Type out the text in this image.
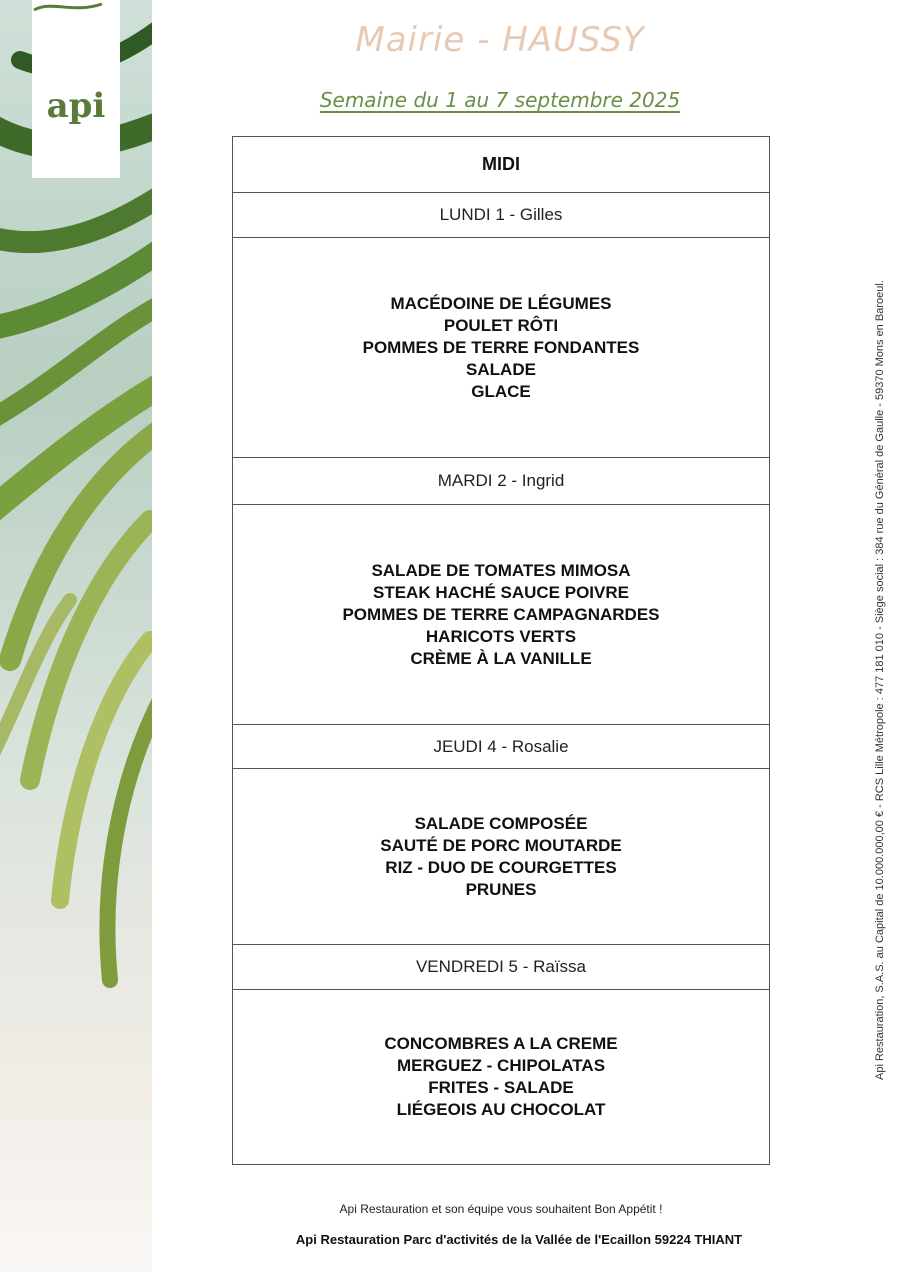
api
Mairie - HAUSSY
Semaine du 1 au 7 septembre 2025
MIDI
LUNDI 1 - Gilles
MACÉDOINE DE LÉGUMES
POULET RÔTI
POMMES DE TERRE FONDANTES
SALADE
GLACE
MARDI 2 - Ingrid
SALADE DE TOMATES MIMOSA
STEAK HACHÉ SAUCE POIVRE
POMMES DE TERRE CAMPAGNARDES
HARICOTS VERTS
CRÈME À LA VANILLE
JEUDI 4 - Rosalie
SALADE COMPOSÉE
SAUTÉ DE PORC MOUTARDE
RIZ - DUO DE COURGETTES
PRUNES
VENDREDI 5 - Raïssa
CONCOMBRES A LA CREME
MERGUEZ - CHIPOLATAS
FRITES - SALADE
LIÉGEOIS AU CHOCOLAT
Api Restauration, S.A.S. au Capital de 10.000.000,00 € - RCS Lille Métropole : 477 181 010 - Siège social : 384 rue du Général de Gaulle - 59370 Mons en Baroeul.
Api Restauration et son équipe vous souhaitent Bon Appétit !
Api Restauration Parc d'activités de la Vallée de l'Ecaillon 59224 THIANT
